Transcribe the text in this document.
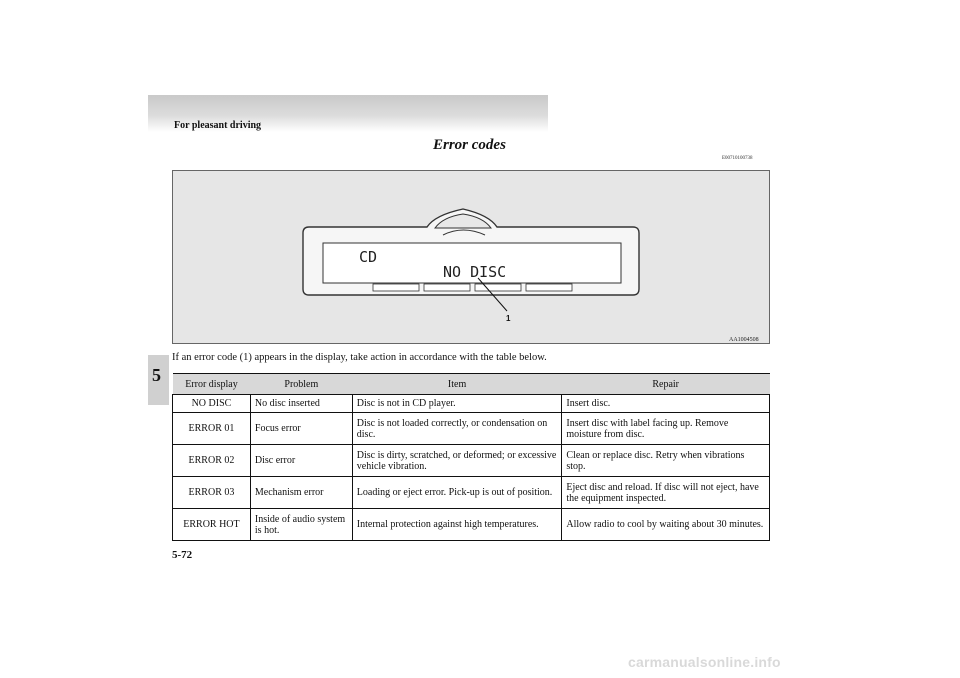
For pleasant driving
Error codes
E00710100738
5
CD
NO DISC
1
AA1004508
If an error code (1) appears in the display, take action in accordance with the table below.
Error display	Problem	Item	Repair
NO DISC	No disc inserted	Disc is not in CD player.	Insert disc.
ERROR 01	Focus error	Disc is not loaded correctly, or condensation on disc.	Insert disc with label facing up. Remove moisture from disc.
ERROR 02	Disc error	Disc is dirty, scratched, or deformed; or excessive vehicle vibration.	Clean or replace disc. Retry when vibrations stop.
ERROR 03	Mechanism error	Loading or eject error. Pick-up is out of position.	Eject disc and reload. If disc will not eject, have the equipment inspected.
ERROR HOT	Inside of audio system is hot.	Internal protection against high temperatures.	Allow radio to cool by waiting about 30 minutes.
5-72
carmanualsonline.info
